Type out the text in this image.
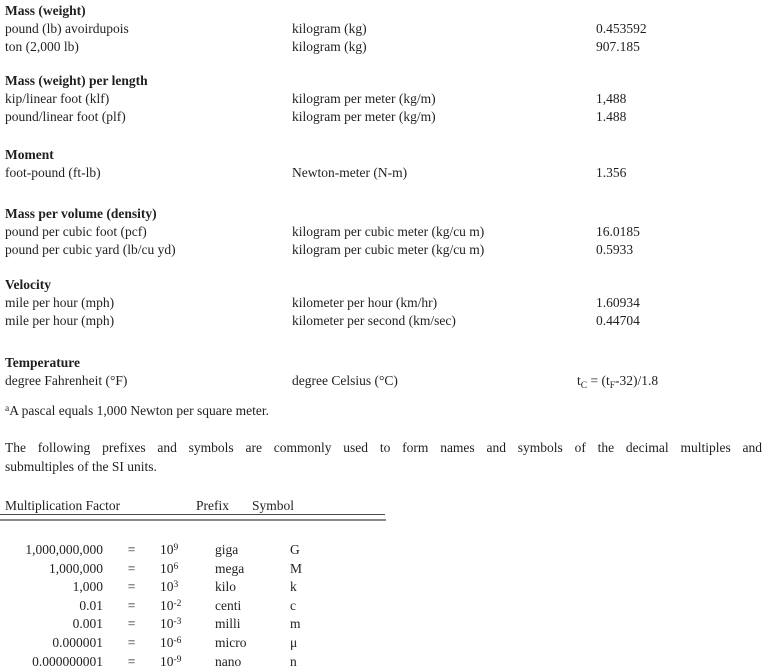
Mass (weight)
pound (lb) avoirdupois	kilogram (kg)	0.453592
ton (2,000 lb)	kilogram (kg)	907.185
Mass (weight) per length
kip/linear foot (klf)	kilogram per meter (kg/m)	1,488
pound/linear foot (plf)	kilogram per meter (kg/m)	1.488
Moment
foot-pound (ft-lb)	Newton-meter (N-m)	1.356
Mass per volume (density)
pound per cubic foot (pcf)	kilogram per cubic meter (kg/cu m)	16.0185
pound per cubic yard (lb/cu yd)	kilogram per cubic meter (kg/cu m)	0.5933
Velocity
mile per hour (mph)	kilometer per hour (km/hr)	1.60934
mile per hour (mph)	kilometer per second (km/sec)	0.44704
Temperature
degree Fahrenheit (°F)	degree Celsius (°C)	$t_C = (t_F-32)/1.8$
$^a$A pascal equals 1,000 Newton per square meter.
The following prefixes and symbols are commonly used to form names and symbols of the decimal multiples and
submultiples of the SI units.
Multiplication Factor	Prefix Symbol
1,000,000,000	=	$10^9$	giga	G
1,000,000	=	$10^6$	mega	M
1,000	=	$10^3$	kilo	k
0.01	=	$10^{-2}$	centi	c
0.001	=	$10^{-3}$	milli	m
0.000001	=	$10^{-6}$	micro	μ
0.000000001	=	$10^{-9}$	nano	n
